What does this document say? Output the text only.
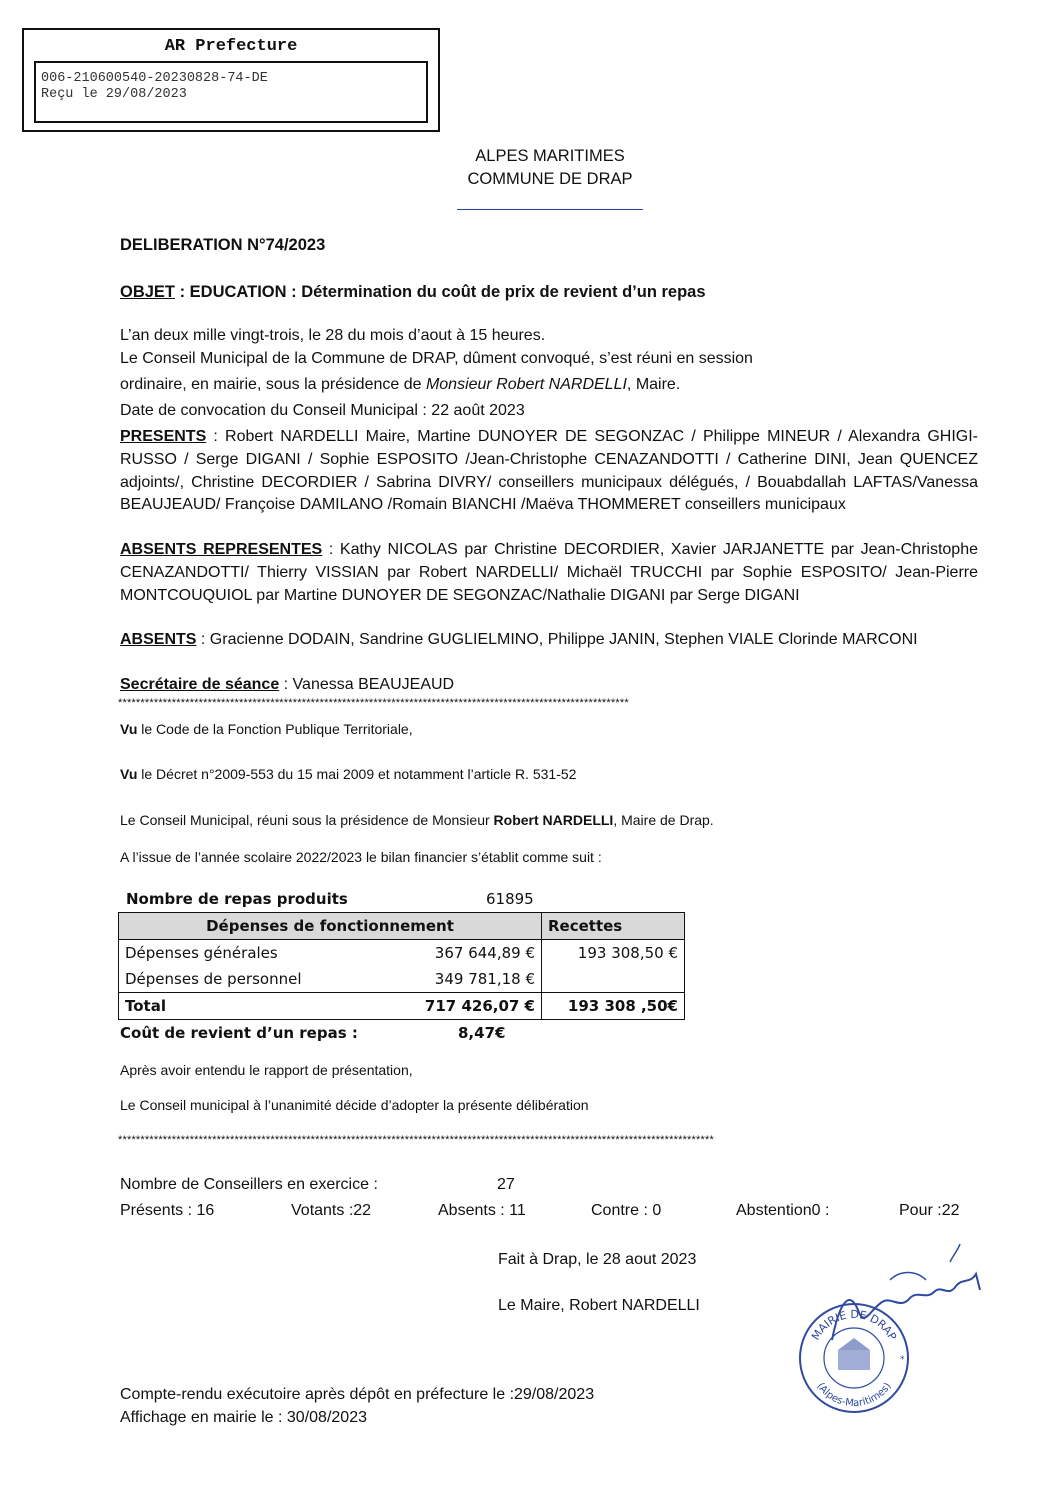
AR Prefecture
006-210600540-20230828-74-DE
Reçu le 29/08/2023
ALPES MARITIMES
COMMUNE DE DRAP
DELIBERATION N°74/2023
OBJET : EDUCATION : Détermination du coût de prix de revient d’un repas
L’an deux mille vingt-trois, le 28 du mois d’aout à 15 heures.
Le Conseil Municipal de la Commune de DRAP, dûment convoqué, s’est réuni en session
ordinaire, en mairie, sous la présidence de Monsieur Robert NARDELLI, Maire.
Date de convocation du Conseil Municipal : 22 août 2023
PRESENTS : Robert NARDELLI Maire, Martine DUNOYER DE SEGONZAC / Philippe MINEUR / Alexandra GHIGI-RUSSO / Serge DIGANI / Sophie ESPOSITO /Jean-Christophe CENAZANDOTTI / Catherine DINI, Jean QUENCEZ adjoints/, Christine DECORDIER / Sabrina DIVRY/ conseillers municipaux délégués, / Bouabdallah LAFTAS/Vanessa BEAUJEAUD/ Françoise DAMILANO /Romain BIANCHI /Maëva THOMMERET conseillers municipaux
ABSENTS REPRESENTES : Kathy NICOLAS par Christine DECORDIER, Xavier JARJANETTE par Jean-Christophe CENAZANDOTTI/ Thierry VISSIAN par Robert NARDELLI/ Michaël TRUCCHI par Sophie ESPOSITO/ Jean-Pierre MONTCOUQUIOL par Martine DUNOYER DE SEGONZAC/Nathalie DIGANI par Serge DIGANI
ABSENTS : Gracienne DODAIN, Sandrine GUGLIELMINO, Philippe JANIN, Stephen VIALE Clorinde MARCONI
Secrétaire de séance : Vanessa BEAUJEAUD
******************************************************************************************************************
Vu le Code de la Fonction Publique Territoriale,
Vu le Décret n°2009-553 du 15 mai 2009 et notamment l’article R. 531-52
Le Conseil Municipal, réuni sous la présidence de Monsieur Robert NARDELLI, Maire de Drap.
A l’issue de l’année scolaire 2022/2023 le bilan financier s’établit comme suit :
Nombre de repas produits	61895
Dépenses de fonctionnement		Recettes
Dépenses générales	367 644,89 €	193 308,50 €
Dépenses de personnel	349 781,18 €	
Total	717 426,07 €	193 308 ,50€
Coût de revient d’un repas :	8,47€
Après avoir entendu le rapport de présentation,
Le Conseil municipal à l’unanimité décide d’adopter la présente délibération
*************************************************************************************************************************************
Nombre de Conseillers en exercice :	27
Présents : 16	Votants :22	Absents : 11	Contre : 0	Abstention0 :	Pour :22
Fait à Drap, le 28 aout 2023
Le Maire, Robert NARDELLI
MAIRIE DE DRAP
(Alpes-Maritimes)
*
Compte-rendu exécutoire après dépôt en préfecture le :29/08/2023
Affichage en mairie le : 30/08/2023
